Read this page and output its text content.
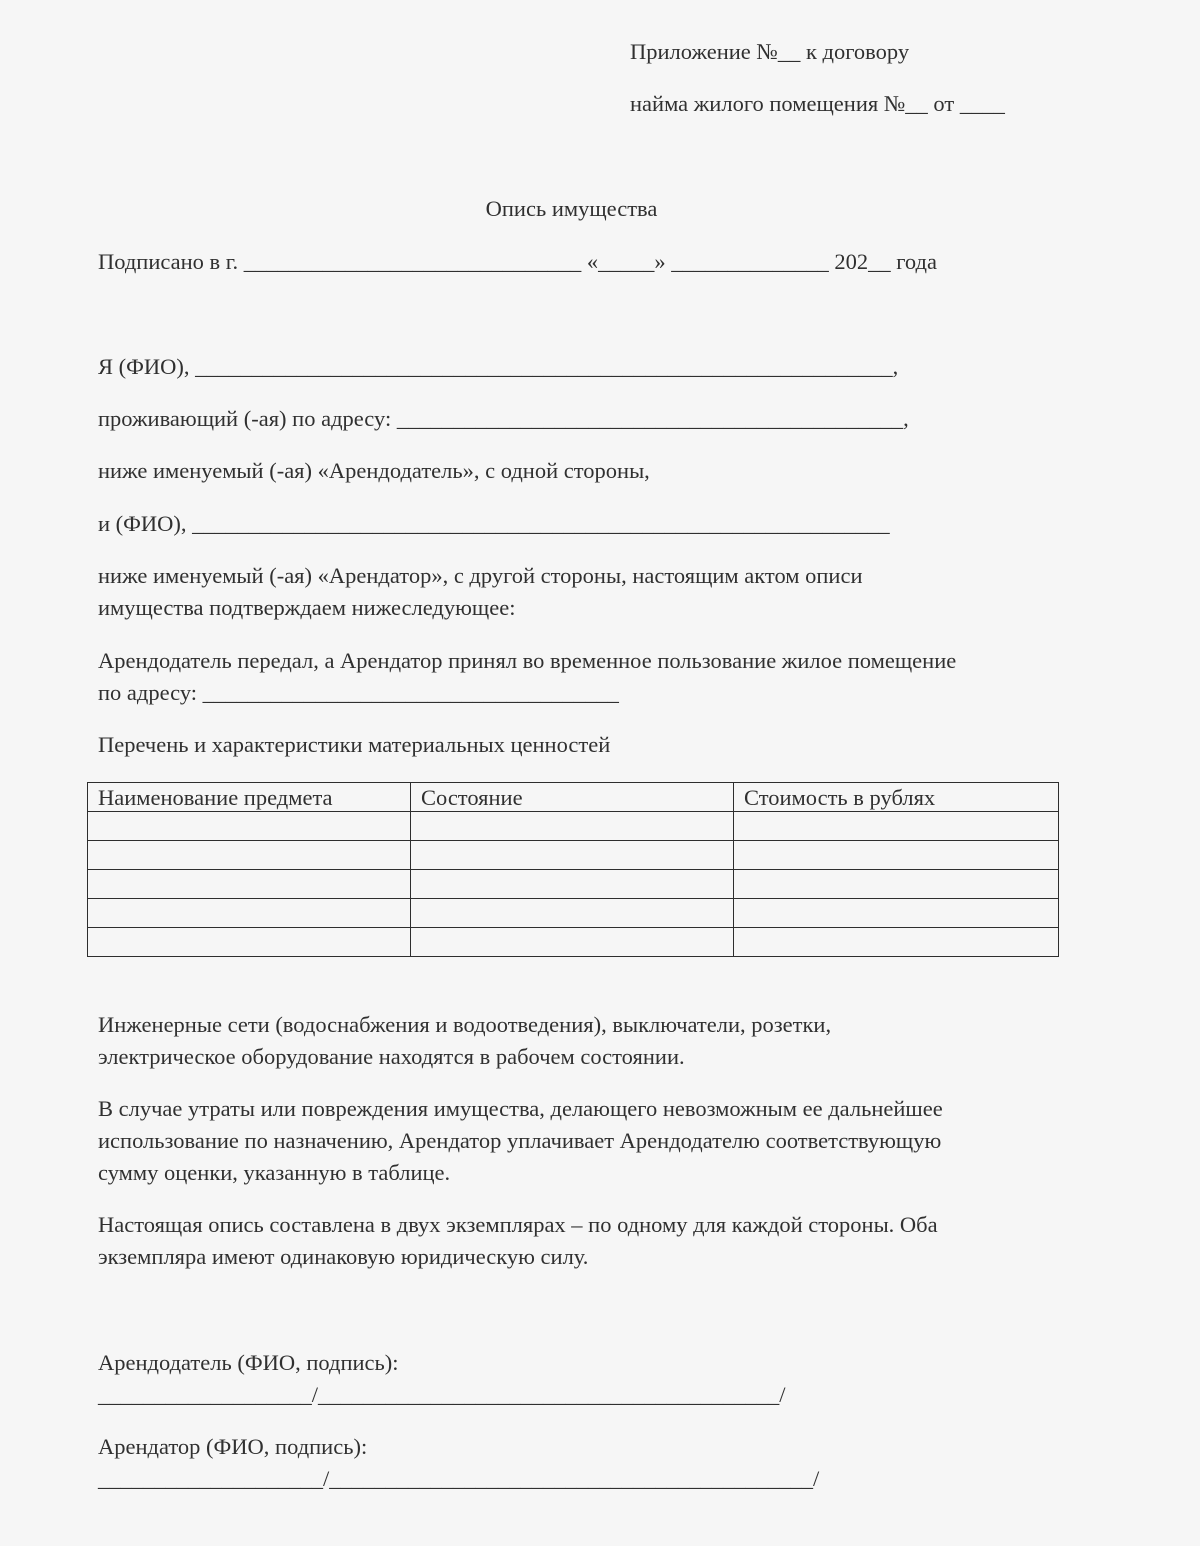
Приложение №__ к договору

найма жилого помещения №__ от ____

Опись имущества

Подписано в г. ______________________________ «_____» ______________ 202__ года

Я (ФИО), ______________________________________________________________,

проживающий (-ая) по адресу: _____________________________________________,

ниже именуемый (-ая) «Арендодатель», с одной стороны,

и (ФИО), ______________________________________________________________

ниже именуемый (-ая) «Арендатор», с другой стороны, настоящим актом описи
имущества подтверждаем нижеследующее:
Арендодатель передал, а Арендатор принял во временное пользование жилое помещение
по адресу: _____________________________________

Перечень и характеристики материальных ценностей

Наименование предмета	Состояние	Стоимость в рублях

Инженерные сети (водоснабжения и водоотведения), выключатели, розетки,
электрическое оборудование находятся в рабочем состоянии.
В случае утраты или повреждения имущества, делающего невозможным ее дальнейшее
использование по назначению, Арендатор уплачивает Арендодателю соответствующую
сумму оценки, указанную в таблице.
Настоящая опись составлена в двух экземплярах – по одному для каждой стороны. Оба
экземпляра имеют одинаковую юридическую силу.

Арендодатель (ФИО, подпись):

___________________/_________________________________________/

Арендатор (ФИО, подпись):

____________________/___________________________________________/
